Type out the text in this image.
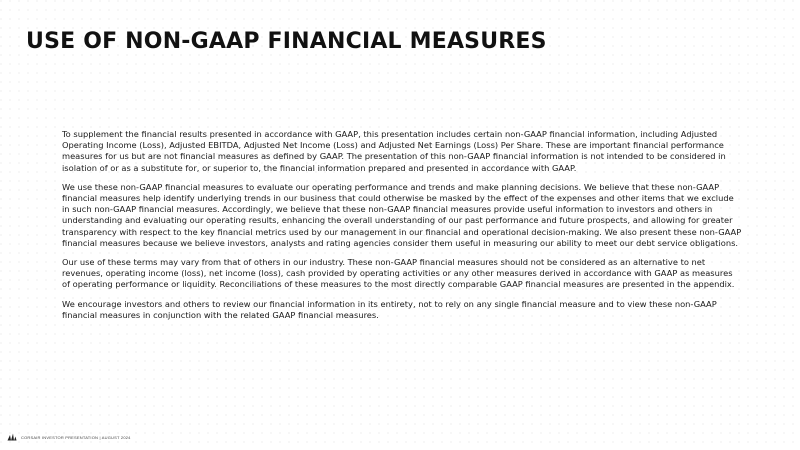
USE OF NON-GAAP FINANCIAL MEASURES

To supplement the financial results presented in accordance with GAAP, this presentation includes certain non-GAAP financial information, including Adjusted Operating Income (Loss), Adjusted EBITDA, Adjusted Net Income (Loss) and Adjusted Net Earnings (Loss) Per Share. These are important financial performance measures for us but are not financial measures as defined by GAAP. The presentation of this non-GAAP financial information is not intended to be considered in isolation of or as a substitute for, or superior to, the financial information prepared and presented in accordance with GAAP.

We use these non-GAAP financial measures to evaluate our operating performance and trends and make planning decisions. We believe that these non-GAAP financial measures help identify underlying trends in our business that could otherwise be masked by the effect of the expenses and other items that we exclude in such non-GAAP financial measures. Accordingly, we believe that these non-GAAP financial measures provide useful information to investors and others in understanding and evaluating our operating results, enhancing the overall understanding of our past performance and future prospects, and allowing for greater transparency with respect to the key financial metrics used by our management in our financial and operational decision-making. We also present these non-GAAP financial measures because we believe investors, analysts and rating agencies consider them useful in measuring our ability to meet our debt service obligations.

Our use of these terms may vary from that of others in our industry. These non-GAAP financial measures should not be considered as an alternative to net revenues, operating income (loss), net income (loss), cash provided by operating activities or any other measures derived in accordance with GAAP as measures of operating performance or liquidity. Reconciliations of these measures to the most directly comparable GAAP financial measures are presented in the appendix.

We encourage investors and others to review our financial information in its entirety, not to rely on any single financial measure and to view these non-GAAP financial measures in conjunction with the related GAAP financial measures.

CORSAIR INVESTOR PRESENTATION | AUGUST 2024
